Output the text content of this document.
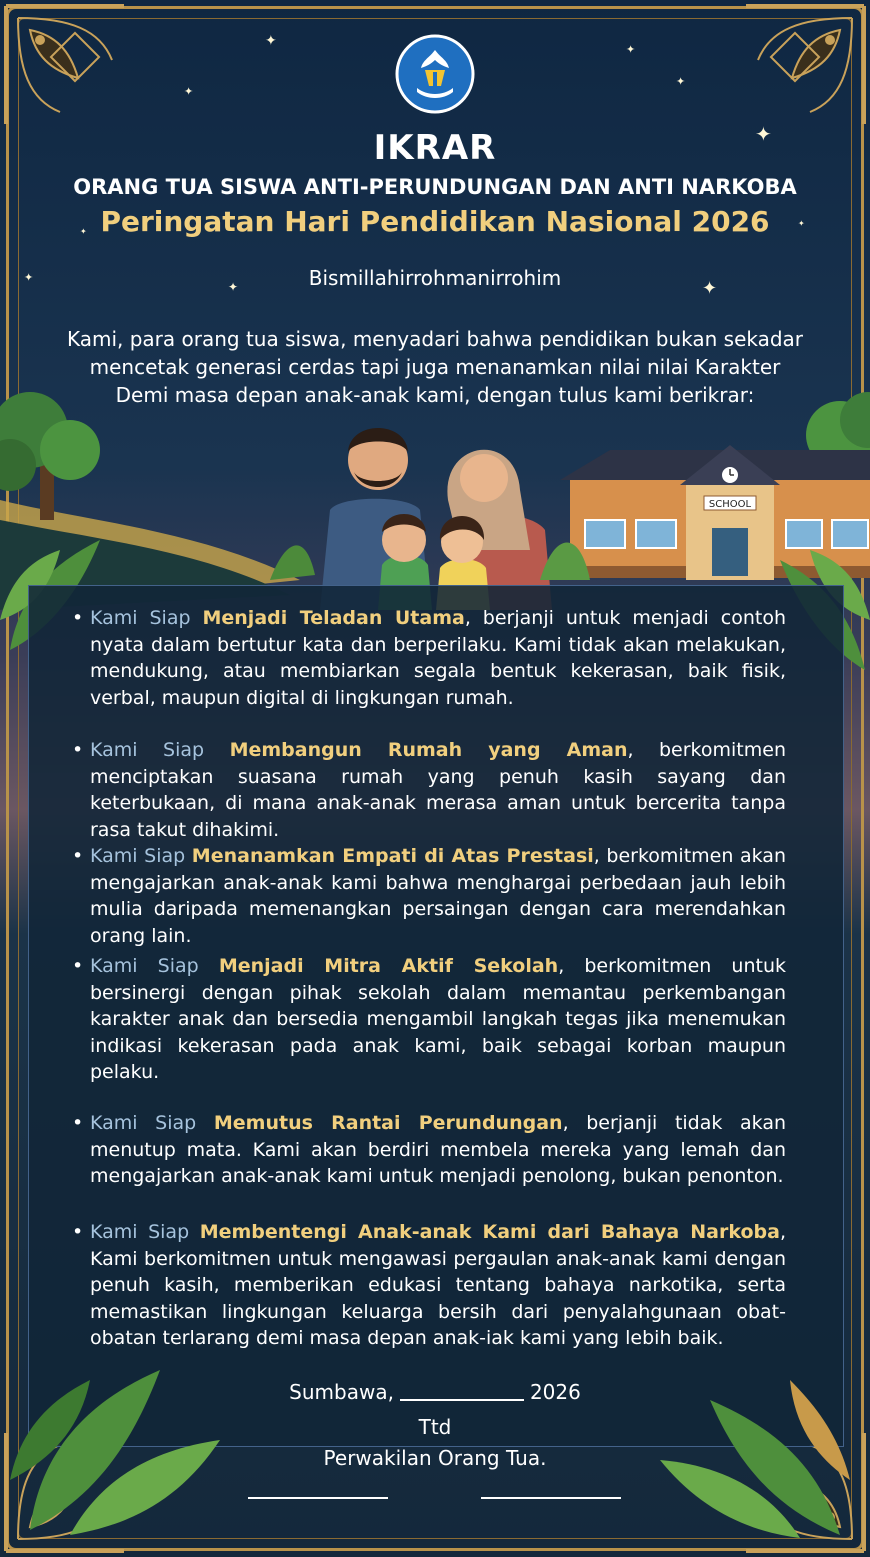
✦
✦
✦
✦
✦
✦	✦
✦
✦
✦
IKRAR
ORANG TUA SISWA ANTI-PERUNDUNGAN DAN ANTI NARKOBA
Peringatan Hari Pendidikan Nasional 2026

Bismillahirrohmanirrohim

Kami, para orang tua siswa, menyadari bahwa pendidikan bukan sekadar
mencetak generasi cerdas tapi juga menanamkan nilai nilai Karakter
Demi masa depan anak-anak kami, dengan tulus kami berikrar:

SCHOOL
• Kami Siap Menjadi Teladan Utama, berjanji untuk menjadi contoh nyata dalam bertutur kata dan berperilaku. Kami tidak akan melakukan, mendukung, atau membiarkan segala bentuk kekerasan, baik fisik, verbal, maupun digital di lingkungan rumah.
• Kami Siap Membangun Rumah yang Aman, berkomitmen menciptakan suasana rumah yang penuh kasih sayang dan keterbukaan, di mana anak-anak merasa aman untuk bercerita tanpa rasa takut dihakimi.
• Kami Siap Menanamkan Empati di Atas Prestasi, berkomitmen akan mengajarkan anak-anak kami bahwa menghargai perbedaan jauh lebih mulia daripada memenangkan persaingan dengan cara merendahkan orang lain.
• Kami Siap Menjadi Mitra Aktif Sekolah, berkomitmen untuk bersinergi dengan pihak sekolah dalam memantau perkembangan karakter anak dan bersedia mengambil langkah tegas jika menemukan indikasi kekerasan pada anak kami, baik sebagai korban maupun pelaku.
• Kami Siap Memutus Rantai Perundungan, berjanji tidak akan menutup mata. Kami akan berdiri membela mereka yang lemah dan mengajarkan anak-anak kami untuk menjadi penolong, bukan penonton.
• Kami Siap Membentengi Anak-anak Kami dari Bahaya Narkoba, Kami berkomitmen untuk mengawasi pergaulan anak-anak kami dengan penuh kasih, memberikan edukasi tentang bahaya narkotika, serta memastikan lingkungan keluarga bersih dari penyalahgunaan obat-obatan terlarang demi masa depan anak-iak kami yang lebih baik.

Sumbawa,	2026

Ttd

Perwakilan Orang Tua.
